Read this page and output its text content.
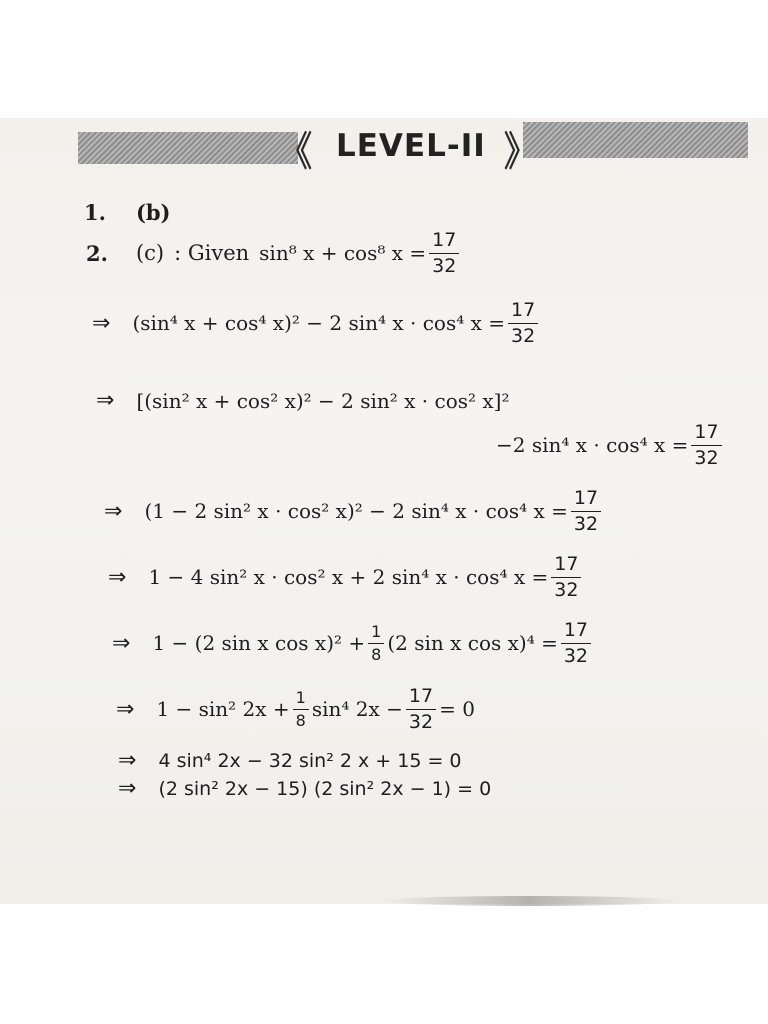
《 LEVEL-II 》
1. (b)
2. (c) : Given sin⁸ x + cos⁸ $x = \frac{17}{32}$
⇒ (sin⁴ x + cos⁴ x)² − 2 sin⁴ x · cos⁴ $x = \frac{17}{32}$
⇒ [(sin² x + cos² x)² − 2 sin² x · cos² x]²
−2 sin⁴ x · cos⁴ $x = \frac{17}{32}$
⇒ (1 − 2 sin² x · cos² x)² − 2 sin⁴ x · cos⁴ $x = \frac{17}{32}$
⇒ 1 − 4 sin² x · cos² x + 2 sin⁴ x · cos⁴ $x = \frac{17}{32}$
⇒ 1 − (2 sin x $\cos x)^2 + \frac{1}{8} (2$ sin x $\cos x)^4 = \frac{17}{32}$
⇒ 1 − sin² $2x + \frac{1}{8} \sin^4$ $2x - \frac{17}{32} = 0$
⇒ 4 sin⁴ 2x − 32 sin² 2 x + 15 = 0
⇒ (2 sin² 2x − 15) (2 sin² 2x − 1) = 0
